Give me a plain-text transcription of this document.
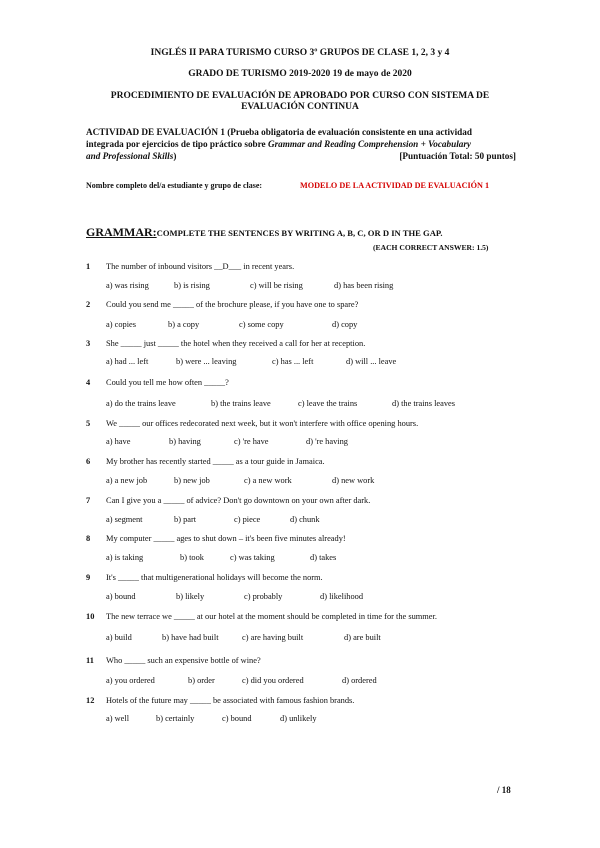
INGLÉS II PARA TURISMO CURSO 3º GRUPOS DE CLASE 1, 2, 3 y 4
GRADO DE TURISMO 2019-2020 19 de mayo de 2020
PROCEDIMIENTO DE EVALUACIÓN DE APROBADO POR CURSO CON SISTEMA DE
EVALUACIÓN CONTINUA
ACTIVIDAD DE EVALUACIÓN 1 (Prueba obligatoria de evaluación consistente en una actividad
integrada por ejercicios de tipo práctico sobre Grammar and Reading Comprehension + Vocabulary
and Professional Skills)	[Puntuación Total: 50 puntos]
Nombre completo del/a estudiante y grupo de clase:	MODELO DE LA ACTIVIDAD DE EVALUACIÓN 1
GRAMMAR:COMPLETE THE SENTENCES BY WRITING A, B, C, OR D IN THE GAP.
(EACH CORRECT ANSWER: 1.5)
1 The number of inbound visitors __D___ in recent years.
a) was rising	b) is rising	c) will be rising	d) has been rising
2 Could you send me _____ of the brochure please, if you have one to spare?
a) copies	b) a copy	c) some copy	d) copy
3 She _____ just _____ the hotel when they received a call for her at reception.
a) had ... left	b) were ... leaving	c) has ... left	d) will ... leave
4 Could you tell me how often _____?
a) do the trains leave	b) the trains leave	c) leave the trains	d) the trains leaves
5 We _____ our offices redecorated next week, but it won't interfere with office opening hours.
a) have	b) having	c) 're have	d) 're having
6 My brother has recently started _____ as a tour guide in Jamaica.
a) a new job	b) new job	c) a new work	d) new work
7 Can I give you a _____ of advice? Don't go downtown on your own after dark.
a) segment	b) part	c) piece	d) chunk
8 My computer _____ ages to shut down – it's been five minutes already!
a) is taking	b) took	c) was taking	d) takes
9 It's _____ that multigenerational holidays will become the norm.
a) bound	b) likely	c) probably	d) likelihood
10 The new terrace we _____ at our hotel at the moment should be completed in time for the summer.
a) build	b) have had built	c) are having built	d) are built
11 Who _____ such an expensive bottle of wine?
a) you ordered	b) order	c) did you ordered	d) ordered
12 Hotels of the future may _____ be associated with famous fashion brands.
a) well	b) certainly	c) bound	d) unlikely
/ 18
